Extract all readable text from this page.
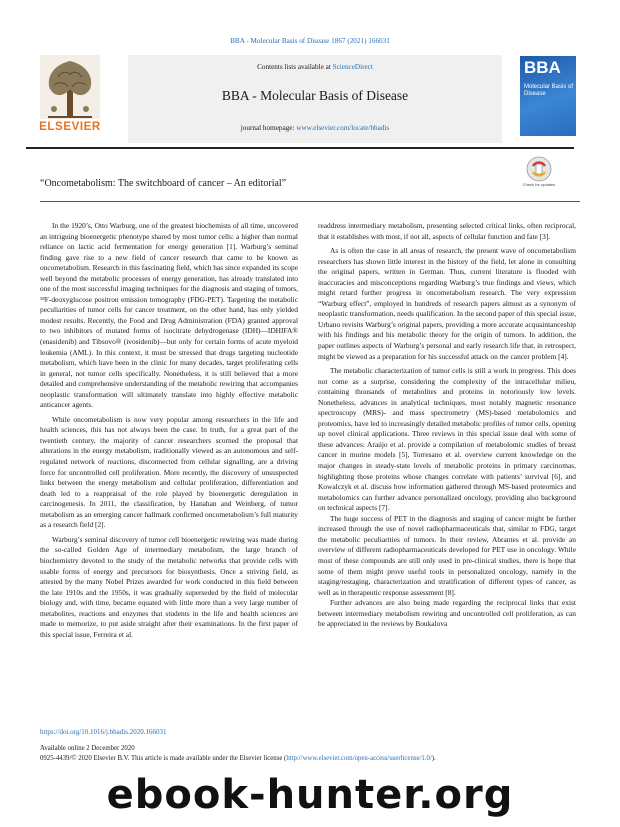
BBA - Molecular Basis of Disease 1867 (2021) 166031
Contents lists available at ScienceDirect
BBA - Molecular Basis of Disease
journal homepage: www.elsevier.com/locate/bbadis
ELSEVIER
BBA
Molecular Basis of Disease
“Oncometabolism: The switchboard of cancer – An editorial”	Check for updates

In the 1920’s, Otto Warburg, one of the greatest biochemists of all time, uncovered an intriguing bioenergetic phenotype shared by most tumor cells: a higher than normal reliance on lactic acid fermentation for energy generation [1]. Warburg’s seminal finding gave rise to a new field of cancer research that came to be known as oncometabolism. Research in this fascinating field, which has since expanded its scope well beyond the metabolic processes of energy generation, has already translated into one of the most successful imaging techniques for the diagnosis and staging of tumors, ¹⁸F-deoxyglucose positron emission tomography (FDG-PET). Targeting the metabolic peculiarities of tumor cells for cancer treatment, on the other hand, has only yielded modest results. Recently, the Food and Drug Administration (FDA) granted approval to two inhibitors of mutated forms of isocitrate dehydrogenase (IDH)—IDHIFA® (enasidenib) and Tibsovo® (ivosidenib)—but only for certain forms of acute myeloid leukemia (AML). In this context, it must be stressed that drugs targeting nucleotide metabolism, which have been in the clinic for many decades, target proliferating cells in general, not tumor cells specifically. Nonetheless, it is still believed that a more detailed and comprehensive understanding of the metabolic rewiring that accompanies neoplastic transformation will ultimately translate into highly effective metabolic anticancer agents.

While oncometabolism is now very popular among researchers in the life and health sciences, this has not always been the case. In truth, for a great part of the twentieth century, the majority of cancer researchers scorned the proposal that alterations in the energy metabolism, traditionally viewed as an autonomous and self-regulated network of reactions, disconnected from cellular signalling, are a driving force for uncontrolled cell proliferation. More recently, the discovery of unsuspected links between the energy metabolism and cellular proliferation, differentiation and death led to a reappraisal of the role played by bioenergetic deregulation in carcinogenesis. In 2011, the classification, by Hanahan and Weinberg, of tumor metabolism as an emerging cancer hallmark confirmed oncometabolism’s full maturity as a research field [2].

Warburg’s seminal discovery of tumor cell bioenergetic rewiring was made during the so-called Golden Age of intermediary metabolism, the large branch of biochemistry devoted to the study of the metabolic networks that provide cells with usable forms of energy and precursors for biosynthesis. Once a striving field, as attested by the many Nobel Prizes awarded for work conducted in this field between the late 1910s and the 1950s, it was gradually superseded by the field of molecular biology and, with time, became equated with little more than a very large number of metabolites, reactions and enzymes that students in the life and health sciences are made to memorize, to put aside straight after their examinations. In the first paper of this special issue, Ferreira et al.

readdress intermediary metabolism, presenting selected critical links, often reciprocal, that it establishes with most, if not all, aspects of cellular function and fate [3].

As is often the case in all areas of research, the present wave of oncometabolism researchers has shown little interest in the history of the field, let alone in consulting the original papers, written in German. Thus, current literature is flooded with inaccuracies and misconceptions regarding Warburg’s true findings and views, which might retard further progress in oncometabolism research. The very expression “Warburg effect”, employed in hundreds of research papers almost as a synonym of neoplastic transformation, needs qualification. In the second paper of this special issue, Urbano revisits Warburg’s original papers, providing a more accurate acquaintanceship with his findings and his metabolic theory for the origin of tumors. In addition, the paper outlines aspects of Warburg’s personal and early research life that, in retrospect, might be viewed as a preparation for his successful attack on the cancer problem [4].

The metabolic characterization of tumor cells is still a work in progress. This does not come as a surprise, considering the complexity of the intracellular milieu, containing thousands of metabolites and proteins in notoriously low levels. Nonetheless, advances in analytical techniques, most notably magnetic resonance spectroscopy (MRS)- and mass spectrometry (MS)-based metabolomics and proteomics, have led to increasingly detailed metabolic profiles of tumor cells, opening up novel clinical applications. Three reviews in this special issue deal with some of these advances: Araújo et al. provide a compilation of metabolomic studies of breast cancer in murine models [5], Torresano et al. overview current knowledge on the major changes in steady-state levels of metabolic proteins in primary carcinomas, highlighting those proteins whose changes correlate with patients’ survival [6], and Kowalczyk et al. discuss how information gathered through MS-based proteomics and metabolomics can further advance personalized oncology, providing also background on technical aspects [7].

The huge success of PET in the diagnosis and staging of cancer might be further increased through the use of novel radiopharmaceuticals that, similar to FDG, target the metabolic peculiarities of tumors. In their review, Abrantes et al. provide an overview of different radiopharmaceuticals developed for PET use in oncology. While most of these compounds are still only used in pre-clinical studies, there is hope that some of them might prove useful tools in personalized oncology, namely in the staging/restaging, characterization and stratification of different types of cancer, as well as in therapeutic response assessment [8].

Further advances are also being made regarding the reciprocal links that exist between intermediary metabolism rewiring and uncontrolled cell proliferation, as can be appreciated in the reviews by Boukalova

https://doi.org/10.1016/j.bbadis.2020.166031
Available online 2 December 2020
0925-4439/© 2020 Elsevier B.V. This article is made available under the Elsevier license (http://www.elsevier.com/open-access/userlicense/1.0/).
ebook-hunter.org
